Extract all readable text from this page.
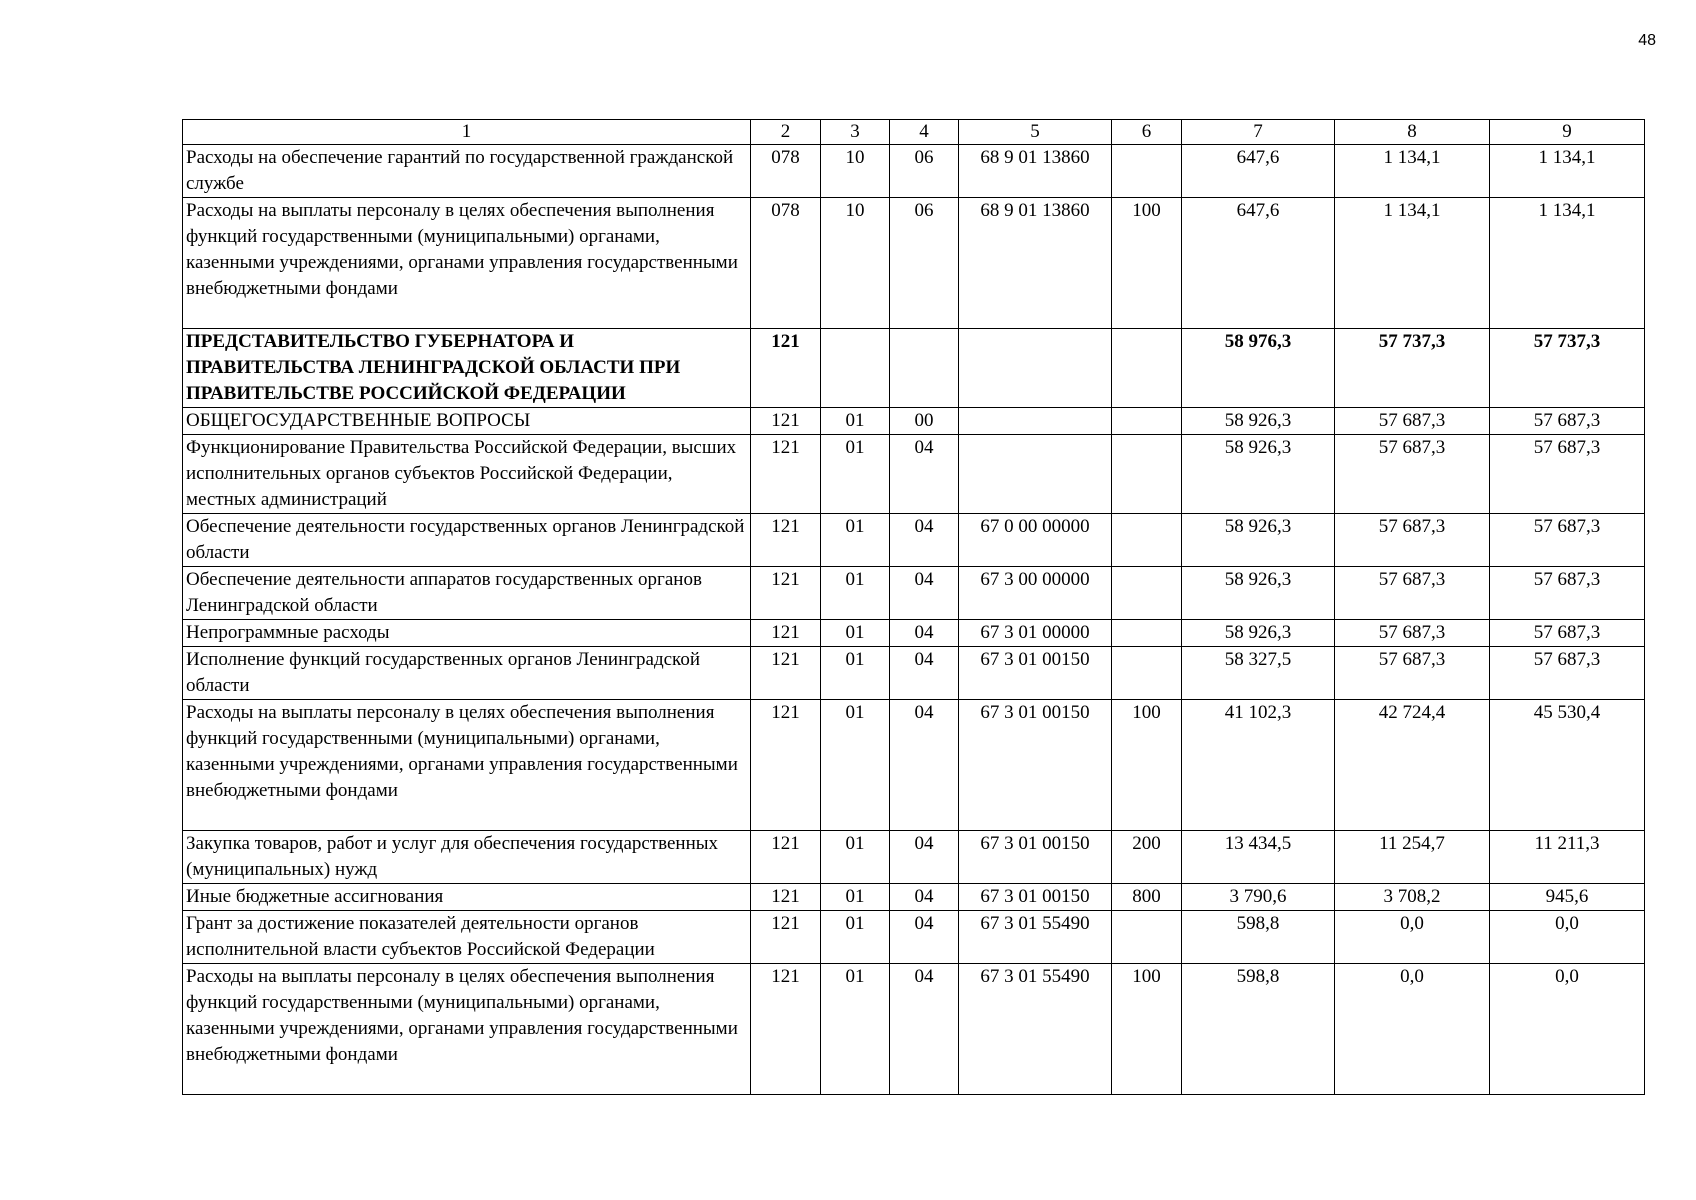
48
1	2	3	4	5	6	7	8	9
Расходы на обеспечение гарантий по государственной гражданской службе	078	10	06	68 9 01 13860		647,6	1 134,1	1 134,1
Расходы на выплаты персоналу в целях обеспечения выполнения функций государственными (муниципальными) органами, казенными учреждениями, органами управления государственными внебюджетными фондами	078	10	06	68 9 01 13860	100	647,6	1 134,1	1 134,1
ПРЕДСТАВИТЕЛЬСТВО ГУБЕРНАТОРА И ПРАВИТЕЛЬСТВА ЛЕНИНГРАДСКОЙ ОБЛАСТИ ПРИ ПРАВИТЕЛЬСТВЕ РОССИЙСКОЙ ФЕДЕРАЦИИ	121					58 976,3	57 737,3	57 737,3
ОБЩЕГОСУДАРСТВЕННЫЕ ВОПРОСЫ	121	01	00			58 926,3	57 687,3	57 687,3
Функционирование Правительства Российской Федерации, высших исполнительных органов субъектов Российской Федерации, местных администраций	121	01	04			58 926,3	57 687,3	57 687,3
Обеспечение деятельности государственных органов Ленинградской области	121	01	04	67 0 00 00000		58 926,3	57 687,3	57 687,3
Обеспечение деятельности аппаратов государственных органов Ленинградской области	121	01	04	67 3 00 00000		58 926,3	57 687,3	57 687,3
Непрограммные расходы	121	01	04	67 3 01 00000		58 926,3	57 687,3	57 687,3
Исполнение функций государственных органов Ленинградской области	121	01	04	67 3 01 00150		58 327,5	57 687,3	57 687,3
Расходы на выплаты персоналу в целях обеспечения выполнения функций государственными (муниципальными) органами, казенными учреждениями, органами управления государственными внебюджетными фондами	121	01	04	67 3 01 00150	100	41 102,3	42 724,4	45 530,4
Закупка товаров, работ и услуг для обеспечения государственных (муниципальных) нужд	121	01	04	67 3 01 00150	200	13 434,5	11 254,7	11 211,3
Иные бюджетные ассигнования	121	01	04	67 3 01 00150	800	3 790,6	3 708,2	945,6
Грант за достижение показателей деятельности органов исполнительной власти субъектов Российской Федерации	121	01	04	67 3 01 55490		598,8	0,0	0,0
Расходы на выплаты персоналу в целях обеспечения выполнения функций государственными (муниципальными) органами, казенными учреждениями, органами управления государственными внебюджетными фондами	121	01	04	67 3 01 55490	100	598,8	0,0	0,0
